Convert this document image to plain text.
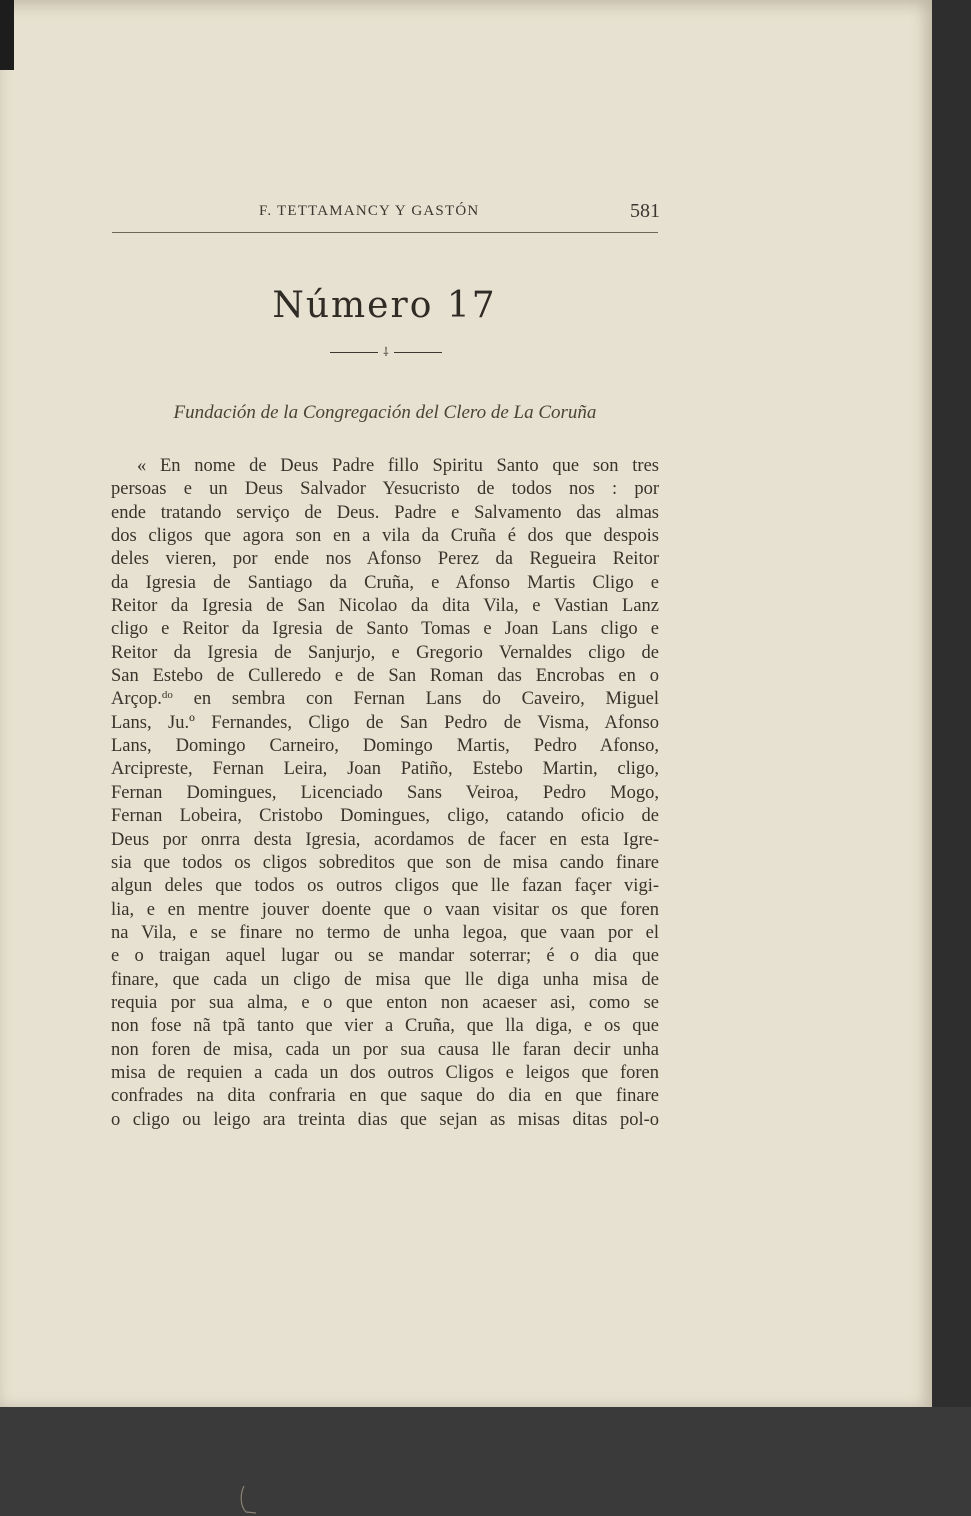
F. TETTAMANCY Y GASTÓN	581
Número 17
⸸
Fundación de la Congregación del Clero de La Coruña
« En nome de Deus Padre fillo Spiritu Santo que son tres
persoas e un Deus Salvador Yesucristo de todos nos : por
ende tratando serviço de Deus. Padre e Salvamento das almas
dos cligos que agora son en a vila da Cruña é dos que despois
deles vieren, por ende nos Afonso Perez da Regueira Reitor
da Igresia de Santiago da Cruña, e Afonso Martis Cligo e
Reitor da Igresia de San Nicolao da dita Vila, e Vastian Lanz
cligo e Reitor da Igresia de Santo Tomas e Joan Lans cligo e
Reitor da Igresia de Sanjurjo, e Gregorio Vernaldes cligo de
San Estebo de Culleredo e de San Roman das Encrobas en o
Arçop.$^{do}$ en sembra con Fernan Lans do Caveiro, Miguel
Lans, Ju.º Fernandes, Cligo de San Pedro de Visma, Afonso
Lans, Domingo Carneiro, Domingo Martis, Pedro Afonso,
Arcipreste, Fernan Leira, Joan Patiño, Estebo Martin, cligo,
Fernan Domingues, Licenciado Sans Veiroa, Pedro Mogo,
Fernan Lobeira, Cristobo Domingues, cligo, catando oficio de
Deus por onrra desta Igresia, acordamos de facer en esta Igre-
sia que todos os cligos sobreditos que son de misa cando finare
algun deles que todos os outros cligos que lle fazan façer vigi-
lia, e en mentre jouver doente que o vaan visitar os que foren
na Vila, e se finare no termo de unha legoa, que vaan por el
e o traigan aquel lugar ou se mandar soterrar; é o dia que
finare, que cada un cligo de misa que lle diga unha misa de
requia por sua alma, e o que enton non acaeser asi, como se
non fose nã tpã tanto que vier a Cruña, que lla diga, e os que
non foren de misa, cada un por sua causa lle faran decir unha
misa de requien a cada un dos outros Cligos e leigos que foren
confrades na dita confraria en que saque do dia en que finare
o cligo ou leigo ara treinta dias que sejan as misas ditas pol-o
